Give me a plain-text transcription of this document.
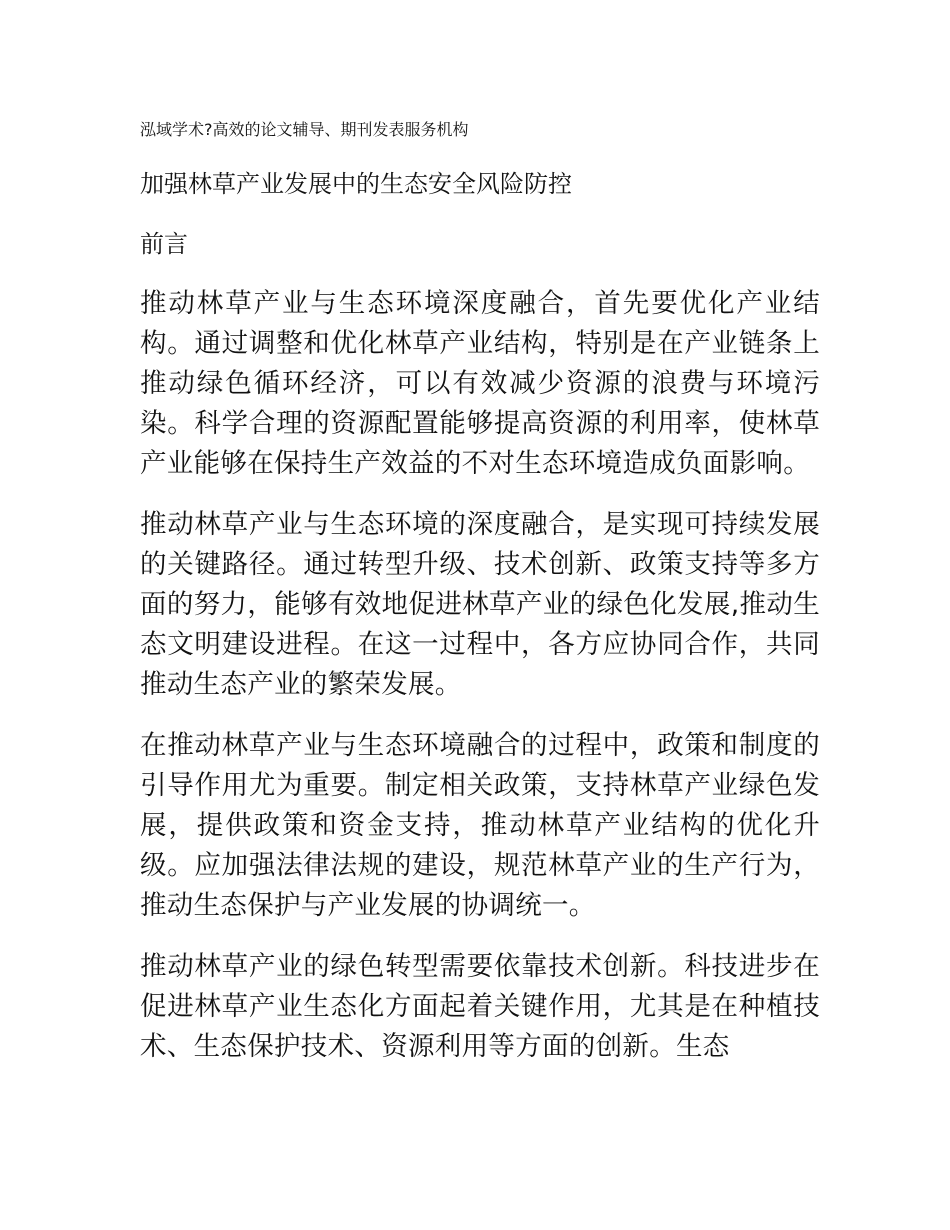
泓域学术?高效的论文辅导、期刊发表服务机构
加强林草产业发展中的生态安全风险防控
前言

推动林草产业与生态环境深度融合，首先要优化产业结构。通过调整和优化林草产业结构，特别是在产业链条上推动绿色循环经济，可以有效减少资源的浪费与环境污染。科学合理的资源配置能够提高资源的利用率，使林草产业能够在保持生产效益的不对生态环境造成负面影响。

推动林草产业与生态环境的深度融合，是实现可持续发展的关键路径。通过转型升级、技术创新、政策支持等多方面的努力，能够有效地促进林草产业的绿色化发展,推动生态文明建设进程。在这一过程中，各方应协同合作，共同推动生态产业的繁荣发展。

在推动林草产业与生态环境融合的过程中，政策和制度的引导作用尤为重要。制定相关政策，支持林草产业绿色发展，提供政策和资金支持，推动林草产业结构的优化升级。应加强法律法规的建设，规范林草产业的生产行为，推动生态保护与产业发展的协调统一。

推动林草产业的绿色转型需要依靠技术创新。科技进步在促进林草产业生态化方面起着关键作用，尤其是在种植技术、生态保护技术、资源利用等方面的创新。生态
